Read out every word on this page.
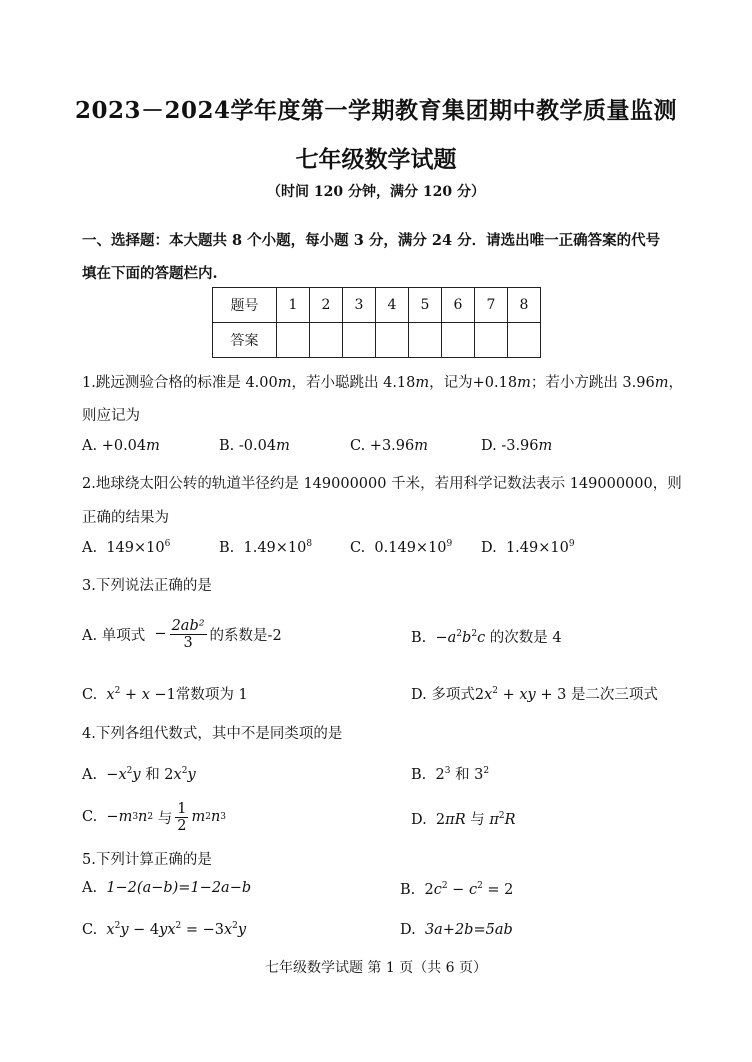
2023－2024学年度第一学期教育集团期中教学质量监测
七年级数学试题
（时间 120 分钟，满分 120 分）
一、选择题：本大题共 8 个小题，每小题 3 分，满分 24 分．请选出唯一正确答案的代号
填在下面的答题栏内.
题号	1	2	3	4	5	6	7	8
答案								
1.跳远测验合格的标准是 4.00m，若小聪跳出 4.18m，记为+0.18m；若小方跳出 3.96m，
则应记为
A. +0.04m	B. -0.04m	C. +3.96m	D. -3.96m
2.地球绕太阳公转的轨道半径约是 149000000 千米，若用科学记数法表示 149000000，则
正确的结果为
A. $149\times 10^6$	B. $1.49\times 10^8$	C. $0.149\times 10^9$ D. $1.49\times 10^9$
3.下列说法正确的是
A. 单项式 − $\frac{\text{2ab²}}{3}$ 的系数是-2	B.  $-a^2b^2c$ 的次数是 4
C. $x^2 + x -1$常数项为 1	D. 多项式$2x^2$ + xy + 3 是二次三项式
4.下列各组代数式，其中不是同类项的是
A.  $-x^2y$ 和 $2x^2y$	B.  $2^3$ 和 $3^2$
C. − m 3 n 2
与 $\frac{1}{2}$ m 2 n 3	D.  2πR 与 $\pi^2R$
5.下列计算正确的是
A. 1−2(a−b)=1−2a−b	B.  $2c^2 - c^2 = 2$
C. $x^2y - 4yx^2 = -3x^2y$	D. 3a+2b=5ab
七年级数学试题 第 1 页（共 6 页）
